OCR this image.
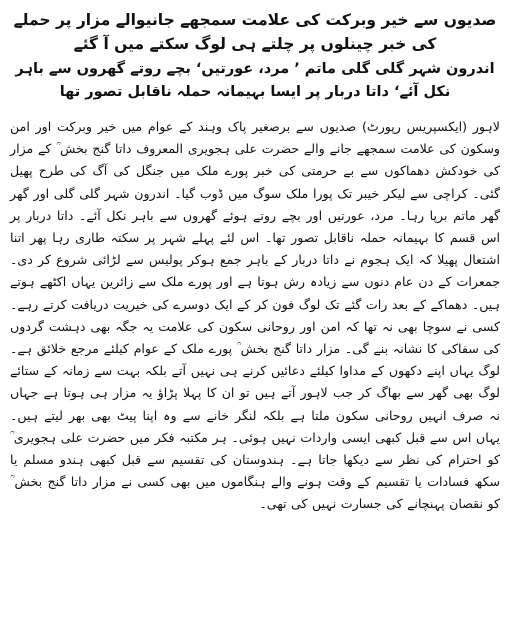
صدیوں سے خیر وبرکت کی علامت سمجھے جانیوالے مزار پر حملے کی خبر چینلوں پر چلتے ہی لوگ سکتے میں آ گئے
اندرون شہر گلی گلی ماتم ’ مرد، عورتیں‘ بچے روتے گھروں سے باہر نکل آئے‘ داتا دربار پر ایسا بہیمانہ حملہ ناقابل تصور تھا

لاہور (ایکسپریس رپورٹ) صدیوں سے برصغیر پاک وہند کے عوام میں خیر وبرکت اور امن وسکون کی علامت سمجھے جانے والے حضرت علی ہجویری المعروف داتا گنج بخش ؒ کے مزار کی خودکش دھماکوں سے بے حرمتی کی خبر پورے ملک میں جنگل کی آگ کی طرح پھیل گئی۔ کراچی سے لیکر خیبر تک پورا ملک سوگ میں ڈوب گیا۔ اندرون شہر گلی گلی اور گھر گھر ماتم برپا رہا۔ مرد، عورتیں اور بچے روتے ہوئے گھروں سے باہر نکل آئے۔ داتا دربار پر اس قسم کا بہیمانہ حملہ ناقابل تصور تھا۔ اس لئے پہلے شہر پر سکتہ طاری رہا پھر اتنا اشتعال پھیلا کہ ایک ہجوم نے داتا دربار کے باہر جمع ہوکر پولیس سے لڑائی شروع کر دی۔ جمعرات کے دن عام دنوں سے زیادہ رش ہوتا ہے اور پورے ملک سے زائرین یہاں اکٹھے ہوتے ہیں۔ دھماکے کے بعد رات گئے تک لوگ فون کر کے ایک دوسرے کی خیریت دریافت کرتے رہے۔ کسی نے سوچا بھی نہ تھا کہ امن اور روحانی سکون کی علامت یہ جگہ بھی دہشت گردوں کی سفاکی کا نشانہ بنے گی۔ مزار داتا گنج بخش ؒ پورے ملک کے عوام کیلئے مرجع خلائق ہے۔ لوگ یہاں اپنے دکھوں کے مداوا کیلئے دعائیں کرنے ہی نہیں آتے بلکہ بہت سے زمانہ کے ستائے لوگ بھی گھر سے بھاگ کر جب لاہور آتے ہیں تو ان کا پہلا پڑاؤ یہ مزار ہی ہوتا ہے جہاں نہ صرف انہیں روحانی سکون ملتا ہے بلکہ لنگر خانے سے وہ اپنا پیٹ بھی بھر لیتے ہیں۔ یہاں اس سے قبل کبھی ایسی واردات نہیں ہوئی۔ ہر مکتبہ فکر میں حضرت علی ہجویری ؒ کو احترام کی نظر سے دیکھا جاتا ہے۔ ہندوستان کی تقسیم سے قبل کبھی ہندو مسلم یا سکھ فسادات یا تقسیم کے وقت ہونے والے ہنگاموں میں بھی کسی نے مزار داتا گنج بخش ؒ کو نقصان پہنچانے کی جسارت نہیں کی تھی۔
